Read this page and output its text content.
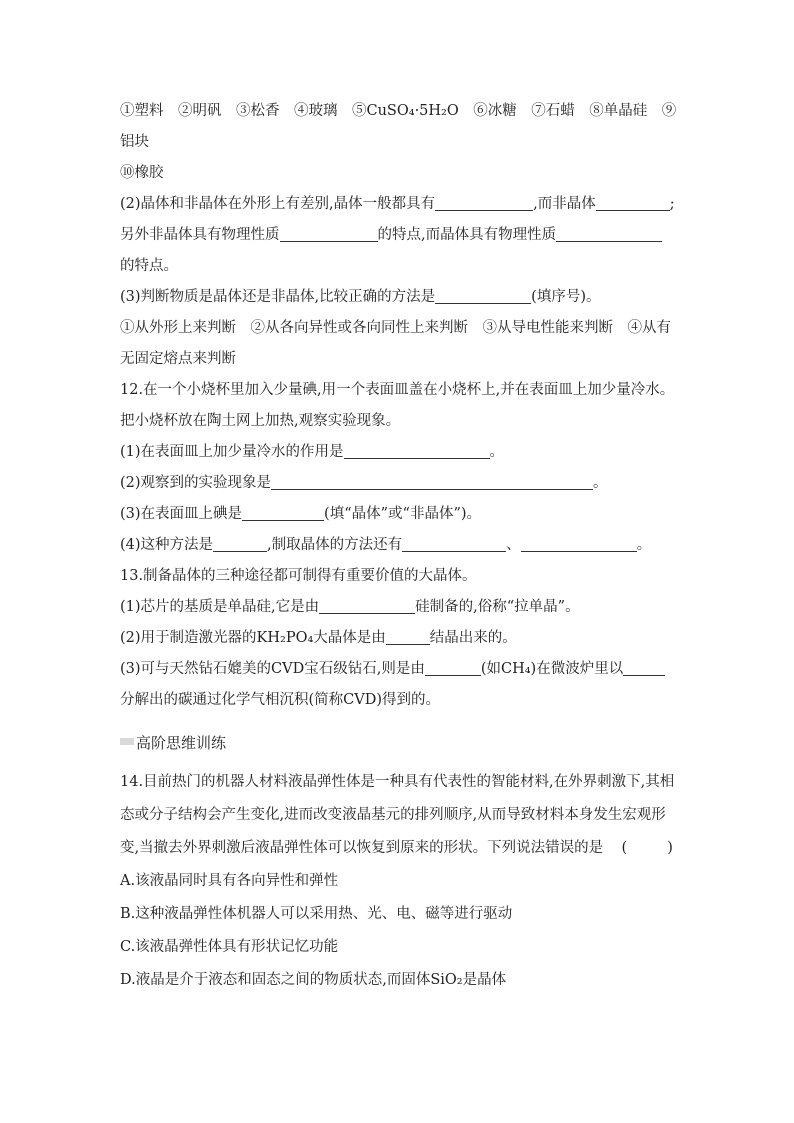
①塑料　②明矾　③松香　④玻璃　⑤CuSO₄·5H₂O　⑥冰糖　⑦石蜡　⑧单晶硅　⑨
铝块
⑩橡胶
(2)晶体和非晶体在外形上有差别,晶体一般都具有	,而非晶体	;
另外非晶体具有物理性质	的特点,而晶体具有物理性质
的特点。
(3)判断物质是晶体还是非晶体,比较正确的方法是	(填序号)。
①从外形上来判断　②从各向异性或各向同性上来判断　③从导电性能来判断　④从有
无固定熔点来判断
12.在一个小烧杯里加入少量碘,用一个表面皿盖在小烧杯上,并在表面皿上加少量冷水。
把小烧杯放在陶土网上加热,观察实验现象。
(1)在表面皿上加少量冷水的作用是	。
(2)观察到的实验现象是	。
(3)在表面皿上碘是	(填“晶体”或“非晶体”)。
(4)这种方法是	,制取晶体的方法还有	、	。
13.制备晶体的三种途径都可制得有重要价值的大晶体。
(1)芯片的基质是单晶硅,它是由	硅制备的,俗称“拉单晶”。
(2)用于制造激光器的KH₂PO₄大晶体是由	结晶出来的。
(3)可与天然钻石媲美的CVD宝石级钻石,则是由	(如CH₄)在微波炉里以
分解出的碳通过化学气相沉积(简称CVD)得到的。
高阶思维训练
14.目前热门的机器人材料液晶弹性体是一种具有代表性的智能材料,在外界刺激下,其相
态或分子结构会产生变化,进而改变液晶基元的排列顺序,从而导致材料本身发生宏观形
变,当撤去外界刺激后液晶弹性体可以恢复到原来的形状。下列说法错误的是 (	)
A.该液晶同时具有各向异性和弹性
B.这种液晶弹性体机器人可以采用热、光、电、磁等进行驱动
C.该液晶弹性体具有形状记忆功能
D.液晶是介于液态和固态之间的物质状态,而固体SiO₂是晶体
